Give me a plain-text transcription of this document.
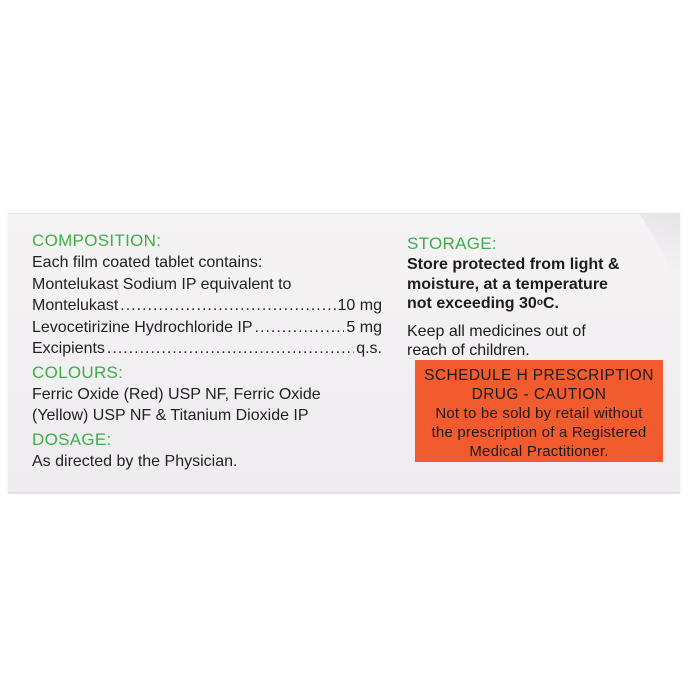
COMPOSITION:
Each film coated tablet contains:
Montelukast Sodium IP equivalent to
Montelukast .....	10 mg
Levocetirizine Hydrochloride IP .....	5 mg
Excipients .....	q.s.
COLOURS:
Ferric Oxide (Red) USP NF, Ferric Oxide
(Yellow) USP NF & Titanium Dioxide IP
DOSAGE:
As directed by the Physician.
STORAGE:
Store protected from light &
moisture, at a temperature
not exceeding 30$^o$C.
Keep all medicines out of
reach of children.
SCHEDULE H PRESCRIPTION
DRUG - CAUTION
Not to be sold by retail without
the prescription of a Registered
Medical Practitioner.
